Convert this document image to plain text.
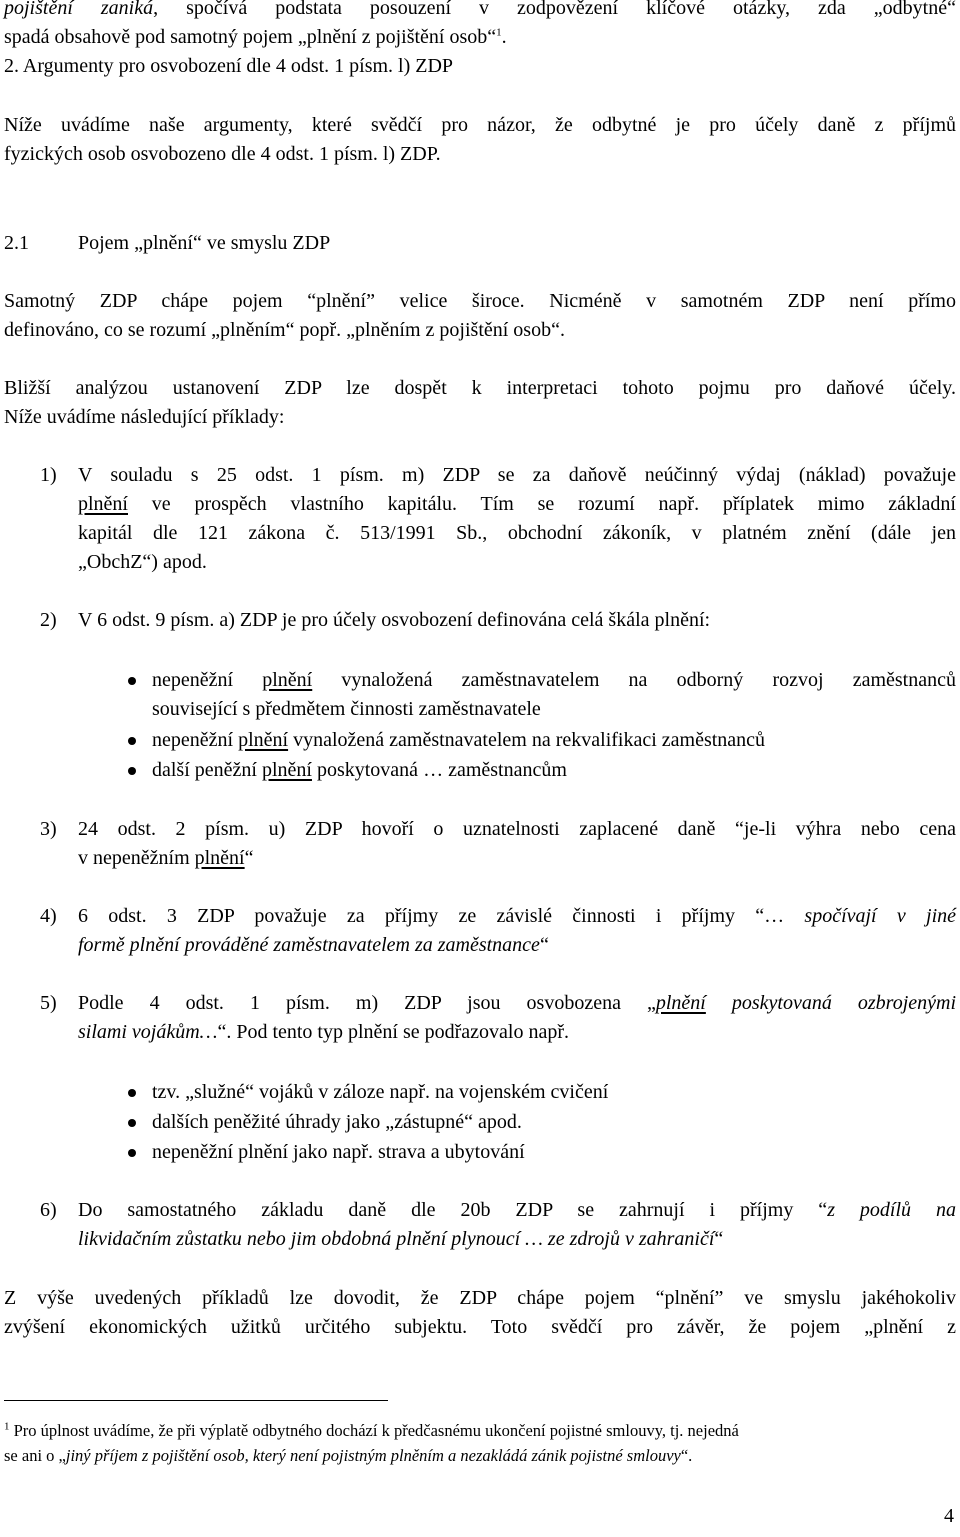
pojištění zaniká, spočívá podstata posouzení v zodpovězení klíčové otázky, zda „odbytné“
spadá obsahově pod samotný pojem „plnění z pojištění osob“$^1$.
2. Argumenty pro osvobození dle 4 odst. 1 písm. l) ZDP
Níže uvádíme naše argumenty, které svědčí pro názor, že odbytné je pro účely daně z příjmů
fyzických osob osvobozeno dle 4 odst. 1 písm. l) ZDP.
2.1 Pojem „plnění“ ve smyslu ZDP
Samotný ZDP chápe pojem “plnění” velice široce. Nicméně v samotném ZDP není přímo
definováno, co se rozumí „plněním“ popř. „plněním z pojištění osob“.
Bližší analýzou ustanovení ZDP lze dospět k interpretaci tohoto pojmu pro daňové účely.
Níže uvádíme následující příklady:
1) V souladu s 25 odst. 1 písm. m) ZDP se za daňově neúčinný výdaj (náklad) považuje
plnění ve prospěch vlastního kapitálu. Tím se rozumí např. příplatek mimo základní
kapitál dle 121 zákona č. 513/1991 Sb., obchodní zákoník, v platném znění (dále jen
„ObchZ“) apod.
2) V 6 odst. 9 písm. a) ZDP je pro účely osvobození definována celá škála plnění:
nepeněžní plnění vynaložená zaměstnavatelem na odborný rozvoj zaměstnanců
související s předmětem činnosti zaměstnavatele
nepeněžní plnění vynaložená zaměstnavatelem na rekvalifikaci zaměstnanců
další peněžní plnění poskytovaná … zaměstnancům
3) 24 odst. 2 písm. u) ZDP hovoří o uznatelnosti zaplacené daně “je-li výhra nebo cena
v nepeněžním plnění“
4) 6 odst. 3 ZDP považuje za příjmy ze závislé činnosti i příjmy “… spočívají v jiné
formě plnění prováděné zaměstnavatelem za zaměstnance“
5) Podle 4 odst. 1 písm. m) ZDP jsou osvobozena „plnění poskytovaná ozbrojenými
silami vojákům…“. Pod tento typ plnění se podřazovalo např.
tzv. „služné“ vojáků v záloze např. na vojenském cvičení
dalších peněžité úhrady jako „zástupné“ apod.
nepeněžní plnění jako např. strava a ubytování
6) Do samostatného základu daně dle 20b ZDP se zahrnují i příjmy “z podílů na
likvidačním zůstatku nebo jim obdobná plnění plynoucí … ze zdrojů v zahraničí“
Z výše uvedených příkladů lze dovodit, že ZDP chápe pojem “plnění” ve smyslu jakéhokoliv
zvýšení ekonomických užitků určitého subjektu. Toto svědčí pro závěr, že pojem „plnění z
$^1$ Pro úplnost uvádíme, že při výplatě odbytného dochází k předčasnému ukončení pojistné smlouvy, tj. nejedná
se ani o „jiný příjem z pojištění osob, který není pojistným plněním a nezakládá zánik pojistné smlouvy“.
4
